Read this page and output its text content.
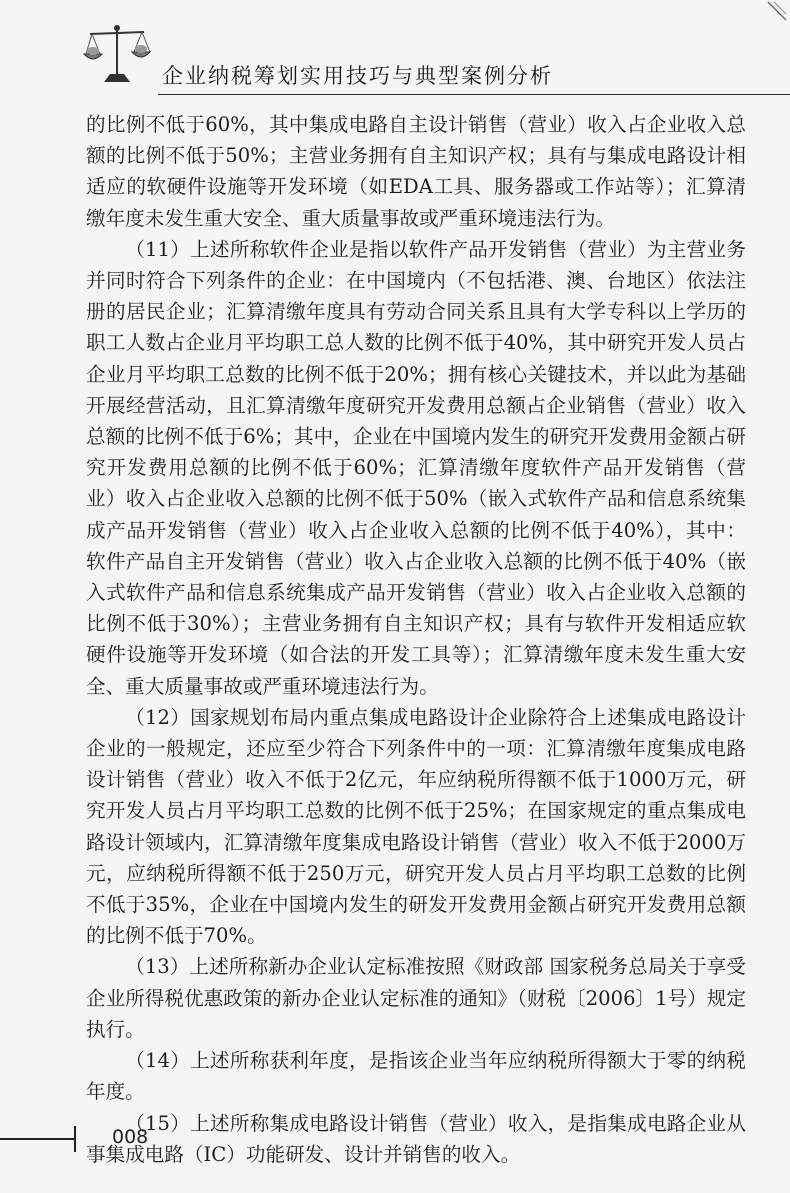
企业纳税筹划实用技巧与典型案例分析

的比例不低于60%，其中集成电路自主设计销售（营业）收入占企业收入总额的比例不低于50%；主营业务拥有自主知识产权；具有与集成电路设计相适应的软硬件设施等开发环境（如EDA工具、服务器或工作站等）；汇算清缴年度未发生重大安全、重大质量事故或严重环境违法行为。

（11）上述所称软件企业是指以软件产品开发销售（营业）为主营业务并同时符合下列条件的企业：在中国境内（不包括港、澳、台地区）依法注册的居民企业；汇算清缴年度具有劳动合同关系且具有大学专科以上学历的职工人数占企业月平均职工总人数的比例不低于40%，其中研究开发人员占企业月平均职工总数的比例不低于20%；拥有核心关键技术，并以此为基础开展经营活动，且汇算清缴年度研究开发费用总额占企业销售（营业）收入总额的比例不低于6%；其中，企业在中国境内发生的研究开发费用金额占研究开发费用总额的比例不低于60%；汇算清缴年度软件产品开发销售（营业）收入占企业收入总额的比例不低于50%（嵌入式软件产品和信息系统集成产品开发销售（营业）收入占企业收入总额的比例不低于40%），其中：软件产品自主开发销售（营业）收入占企业收入总额的比例不低于40%（嵌入式软件产品和信息系统集成产品开发销售（营业）收入占企业收入总额的比例不低于30%）；主营业务拥有自主知识产权；具有与软件开发相适应软硬件设施等开发环境（如合法的开发工具等）；汇算清缴年度未发生重大安全、重大质量事故或严重环境违法行为。

（12）国家规划布局内重点集成电路设计企业除符合上述集成电路设计企业的一般规定，还应至少符合下列条件中的一项：汇算清缴年度集成电路设计销售（营业）收入不低于2亿元，年应纳税所得额不低于1000万元，研究开发人员占月平均职工总数的比例不低于25%；在国家规定的重点集成电路设计领域内，汇算清缴年度集成电路设计销售（营业）收入不低于2000万元，应纳税所得额不低于250万元，研究开发人员占月平均职工总数的比例不低于35%，企业在中国境内发生的研发开发费用金额占研究开发费用总额的比例不低于70%。

（13）上述所称新办企业认定标准按照《财政部 国家税务总局关于享受企业所得税优惠政策的新办企业认定标准的通知》（财税〔2006〕1号）规定执行。

（14）上述所称获利年度，是指该企业当年应纳税所得额大于零的纳税年度。

（15）上述所称集成电路设计销售（营业）收入，是指集成电路企业从事集成电路（IC）功能研发、设计并销售的收入。

008
